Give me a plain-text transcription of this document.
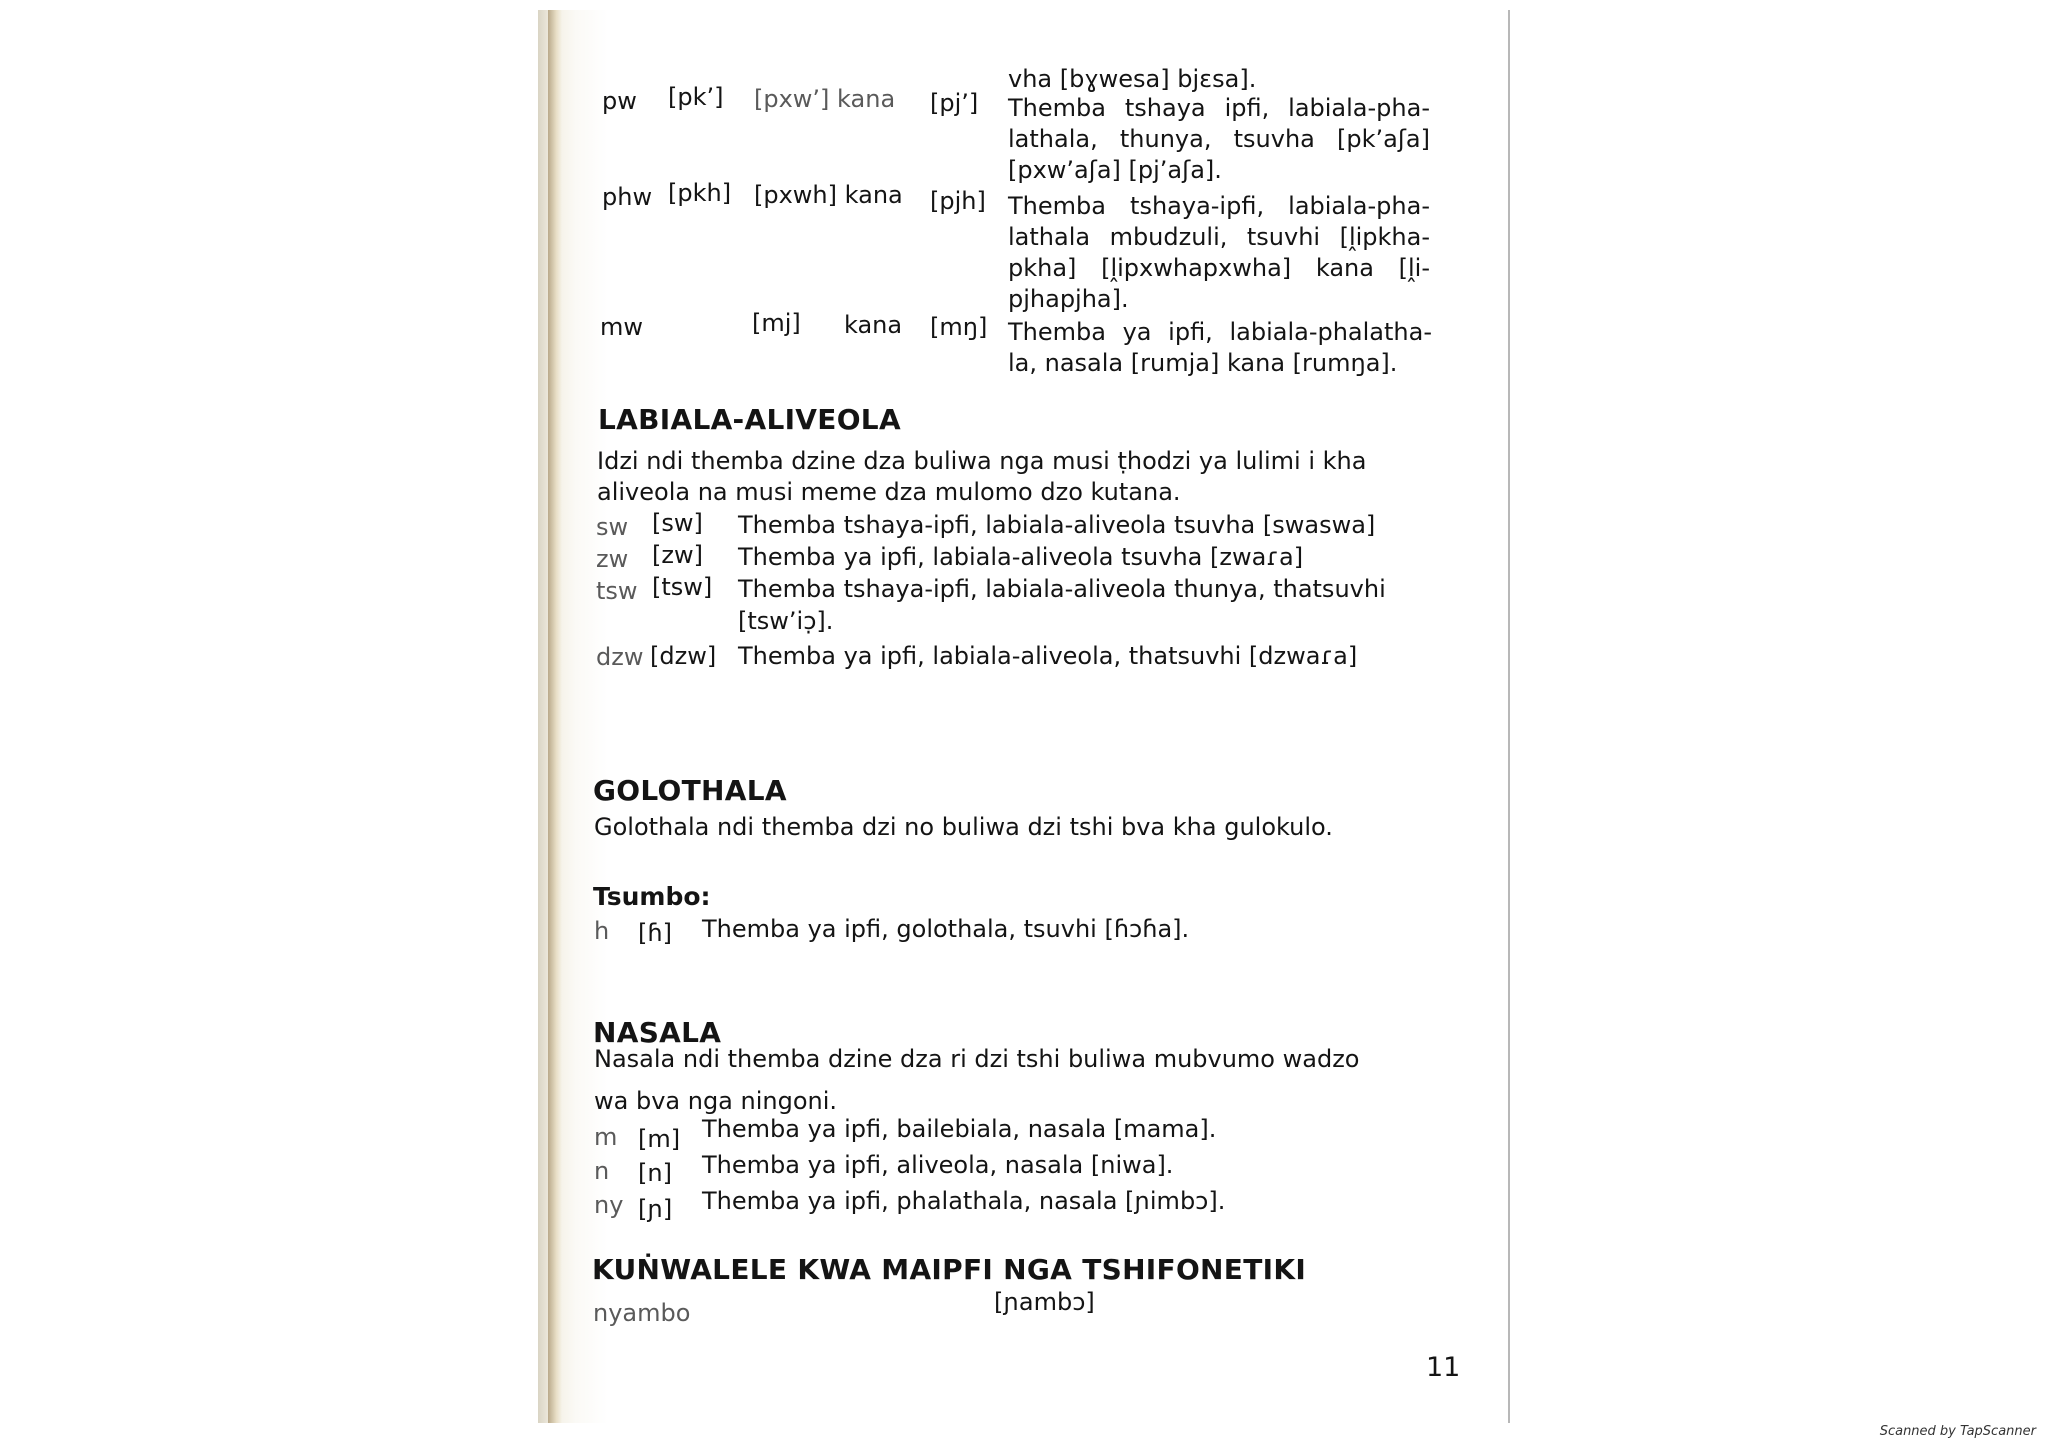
vha [bɣwesa] bjɛsa].
pw [pk’] [pxw’] kana [pj’] Themba tshaya ipfi, labiala-pha- lathala, thunya, tsuvha [pk’aʃa] [pxw’aʃa] [pj’aʃa].
phw [pkh] [pxwh] kana [pjh] Themba tshaya-ipfi, labiala-pha- lathala mbudzuli, tsuvhi [ḽipkha- pkha] [ḽipxwhapxwha] kana [ḽi- pjhapjha].
mw	[mj] kana [mŋ] Themba ya ipfi, labiala-phalatha- la, nasala [rumja] kana [rumŋa].
LABIALA-ALIVEOLA
Idzi ndi themba dzine dza buliwa nga musi ṭhodzi ya lulimi i kha
aliveola na musi meme dza mulomo dzo kutana.
sw [sw] Themba tshaya-ipfi, labiala-aliveola tsuvha [swaswa]
zw [zw] Themba ya ipfi, labiala-aliveola tsuvha [zwaɾa]
tsw [tsw] Themba tshaya-ipfi, labiala-aliveola thunya, thatsuvhi
[tsw’iɔ̣].
dzw [dzw] Themba ya ipfi, labiala-aliveola, thatsuvhi [dzwaɾa]
GOLOTHALA
Golothala ndi themba dzi no buliwa dzi tshi bva kha gulokulo.
Tsumbo:
h [ɦ] Themba ya ipfi, golothala, tsuvhi [ɦɔɦa].
NASALA
Nasala ndi themba dzine dza ri dzi tshi buliwa mubvumo wadzo
wa bva nga ningoni.
m [m] Themba ya ipfi, bailebiala, nasala [mama].
n [n] Themba ya ipfi, aliveola, nasala [niwa].
ny [ɲ] Themba ya ipfi, phalathala, nasala [ɲimbɔ].
KUṄWALELE KWA MAIPFI NGA TSHIFONETIKI
nyambo	[ɲambɔ]
11
Scanned by TapScanner
